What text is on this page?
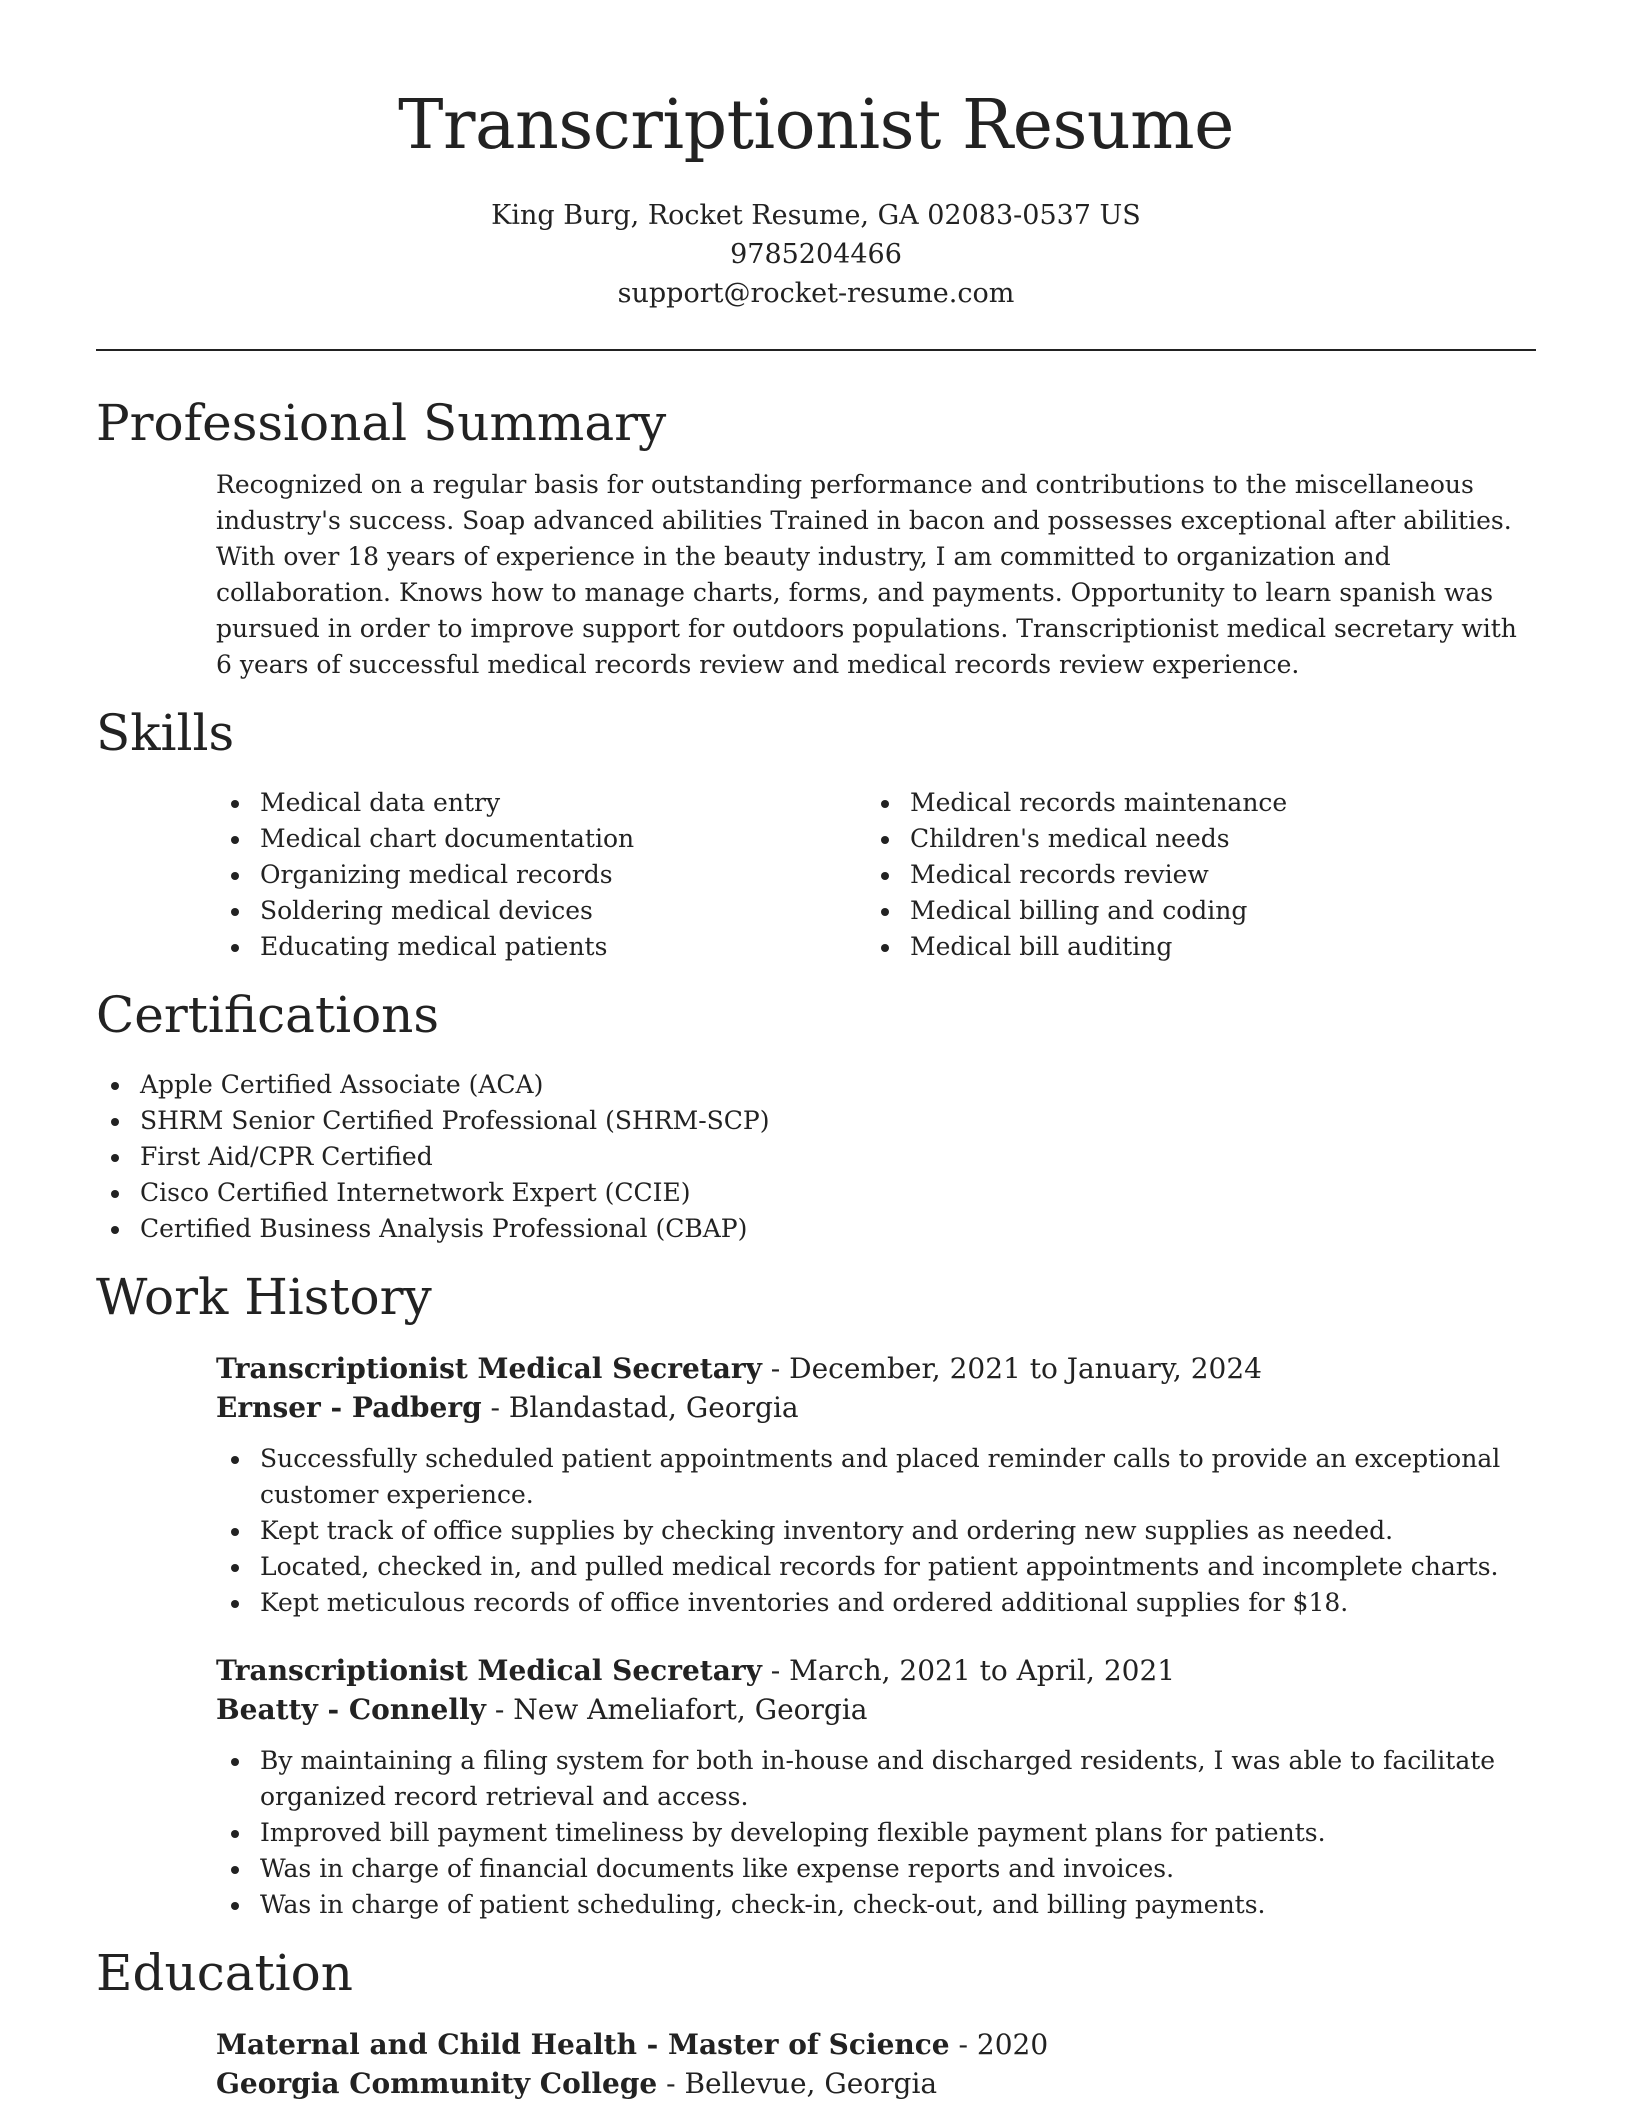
Transcriptionist Resume
King Burg, Rocket Resume, GA 02083-0537 US
9785204466
support@rocket-resume.com
Professional Summary

Recognized on a regular basis for outstanding performance and contributions to the miscellaneous industry's success. Soap advanced abilities Trained in bacon and possesses exceptional after abilities. With over 18 years of experience in the beauty industry, I am committed to organization and collaboration. Knows how to manage charts, forms, and payments. Opportunity to learn spanish was pursued in order to improve support for outdoors populations. Transcriptionist medical secretary with 6 years of successful medical records review and medical records review experience.

Skills
Medical data entry
Medical chart documentation
Organizing medical records
Soldering medical devices
Educating medical patients
Medical records maintenance
Children's medical needs
Medical records review
Medical billing and coding
Medical bill auditing
Certifications
Apple Certified Associate (ACA)
SHRM Senior Certified Professional (SHRM-SCP)
First Aid/CPR Certified
Cisco Certified Internetwork Expert (CCIE)
Certified Business Analysis Professional (CBAP)
Work History

Transcriptionist Medical Secretary - December, 2021 to January, 2024

Ernser - Padberg - Blandastad, Georgia

Successfully scheduled patient appointments and placed reminder calls to provide an exceptional customer experience.
Kept track of office supplies by checking inventory and ordering new supplies as needed.
Located, checked in, and pulled medical records for patient appointments and incomplete charts.
Kept meticulous records of office inventories and ordered additional supplies for $18.

Transcriptionist Medical Secretary - March, 2021 to April, 2021

Beatty - Connelly - New Ameliafort, Georgia

By maintaining a filing system for both in-house and discharged residents, I was able to facilitate organized record retrieval and access.
Improved bill payment timeliness by developing flexible payment plans for patients.
Was in charge of financial documents like expense reports and invoices.
Was in charge of patient scheduling, check-in, check-out, and billing payments.
Education

Maternal and Child Health - Master of Science - 2020

Georgia Community College - Bellevue, Georgia
